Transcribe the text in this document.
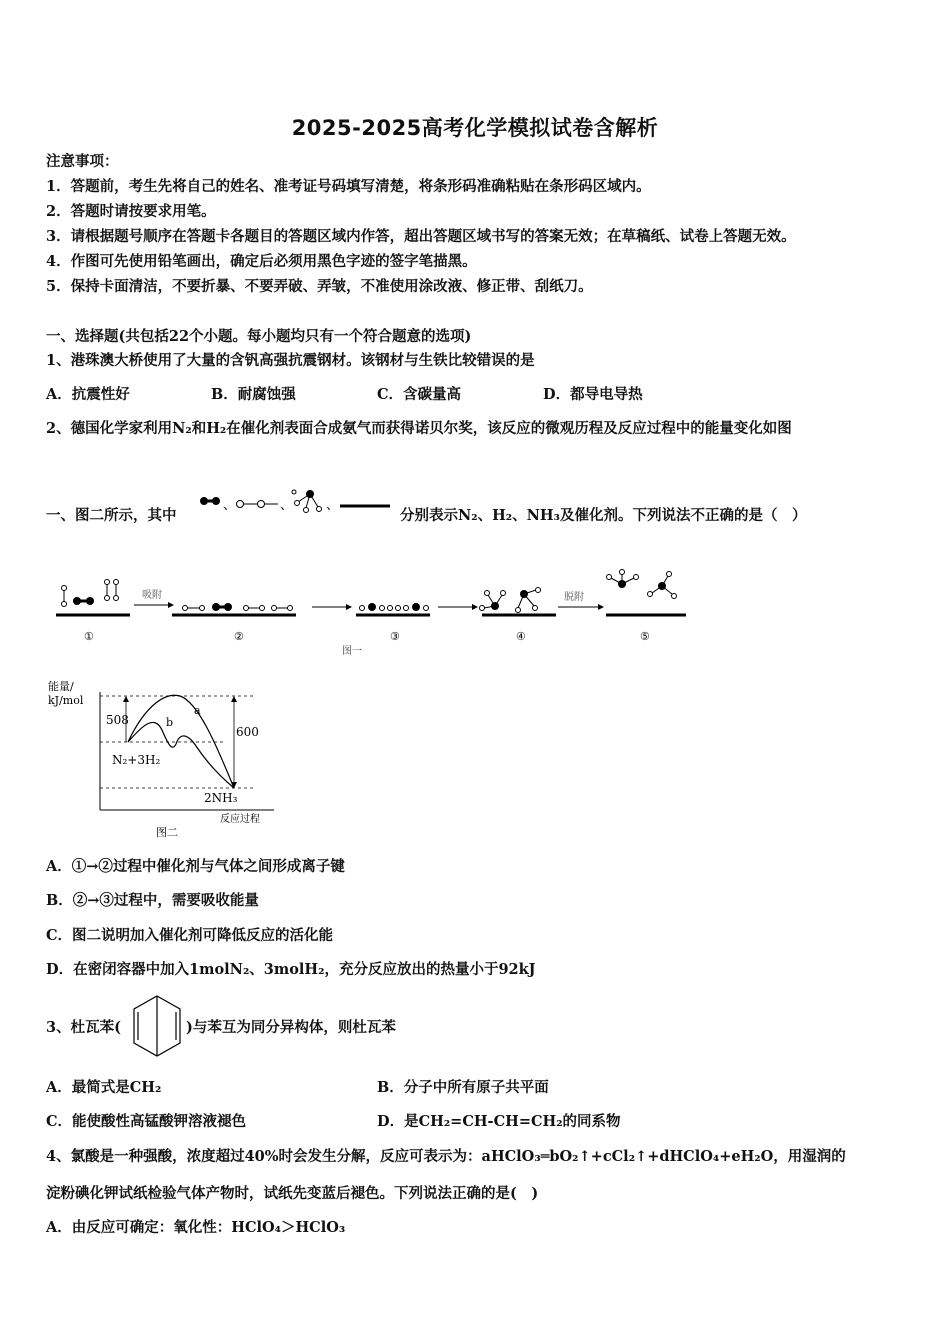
2025-2025高考化学模拟试卷含解析
注意事项：
1．答题前，考生先将自己的姓名、准考证号码填写清楚，将条形码准确粘贴在条形码区域内。
2．答题时请按要求用笔。
3．请根据题号顺序在答题卡各题目的答题区域内作答，超出答题区域书写的答案无效；在草稿纸、试卷上答题无效。
4．作图可先使用铅笔画出，确定后必须用黑色字迹的签字笔描黑。
5．保持卡面清洁，不要折暴、不要弄破、弄皱，不准使用涂改液、修正带、刮纸刀。
一、选择题(共包括22个小题。每小题均只有一个符合题意的选项)
1、港珠澳大桥使用了大量的含钒高强抗震钢材。该钢材与生铁比较错误的是
A．抗震性好	B．耐腐蚀强	C．含碳量高	D．都导电导热
2、德国化学家利用N₂和H₂在催化剂表面合成氨气而获得诺贝尔奖，该反应的微观历程及反应过程中的能量变化如图
一、图二所示，其中
、	、	、
分别表示N₂、H₂、NH₃及催化剂。下列说法不正确的是（　）
①
吸附
②	③	④
脱附
⑤
图一
能量/
kJ/mol
508
600
a
b
N₂+3H₂
2NH₃
反应过程
图二
A．①→②过程中催化剂与气体之间形成离子键
B．②→③过程中，需要吸收能量
C．图二说明加入催化剂可降低反应的活化能
D．在密闭容器中加入1molN₂、3molH₂，充分反应放出的热量小于92kJ
3、杜瓦苯(	)与苯互为同分异构体，则杜瓦苯
A．最简式是CH₂	B．分子中所有原子共平面
C．能使酸性高锰酸钾溶液褪色	D．是CH₂=CH-CH=CH₂的同系物
4、氯酸是一种强酸，浓度超过40%时会发生分解，反应可表示为：aHClO₃═bO₂↑+cCl₂↑+dHClO₄+eH₂O，用湿润的
淀粉碘化钾试纸检验气体产物时，试纸先变蓝后褪色。下列说法正确的是(　)
A．由反应可确定：氧化性：HClO₄＞HClO₃
